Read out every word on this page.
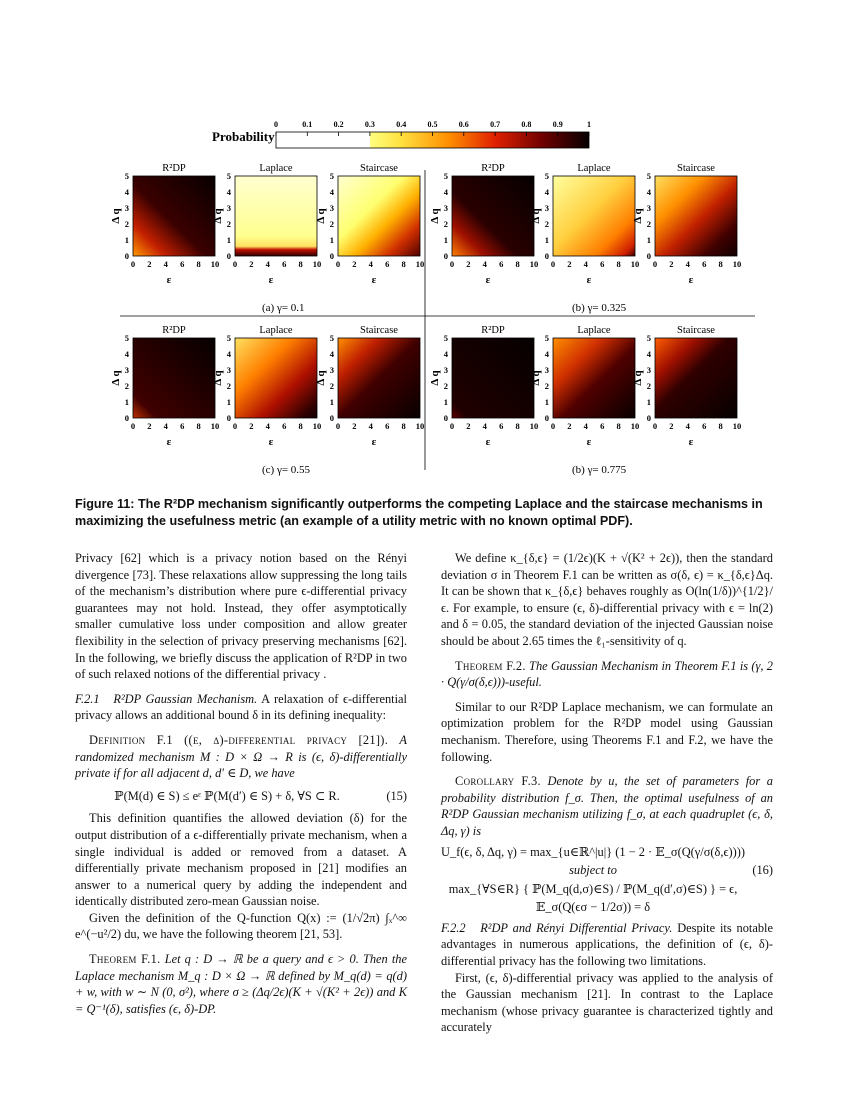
Probability
0	0.1	0.2	0.3	0.4	0.5	0.6	0.7	0.8	0.9	1
R²DP
0 2 4 6 8 10
0
1
2
3
4
5
ε
Δ q
Laplace
0 2 4 6 8 10
0
1
2
3
4
5
ε
Δ q
Staircase
0 2 4 6 8 10
0
1
2
3
4
5
ε
Δ q
R²DP
0 2 4 6 8 10
0
1
2
3
4
5
ε
Δ q
Laplace
0 2 4 6 8 10
0
1
2
3
4
5
ε
Δ q
Staircase
0 2 4 6 8 10
0
1
2
3
4
5
ε
Δ q
R²DP
0 2 4 6 8 10
0
1
2
3
4
5
ε
Δ q
Laplace
0 2 4 6 8 10
0
1
2
3
4
5
ε
Δ q
Staircase
0 2 4 6 8 10
0
1
2
3
4
5
ε
Δ q
R²DP
0 2 4 6 8 10
0
1
2
3
4
5
ε
Δ q
Laplace
0 2 4 6 8 10
0
1
2
3
4
5
ε
Δ q
Staircase
0 2 4 6 8 10
0
1
2
3
4
5
ε
Δ q
(a) γ= 0.1	(b) γ= 0.325
(c) γ= 0.55	(b) γ= 0.775
Figure 11: The R²DP mechanism significantly outperforms the competing Laplace and the staircase mechanisms in maximizing the usefulness metric (an example of a utility metric with no known optimal PDF).

Privacy [62] which is a privacy notion based on the Rényi divergence [73]. These relaxations allow suppressing the long tails of the mechanism’s distribution where pure ϵ-differential privacy guarantees may not hold. Instead, they offer asymptotically smaller cumulative loss under composition and allow greater flexibility in the selection of privacy preserving mechanisms [62]. In the following, we briefly discuss the application of R²DP in two of such relaxed notions of the differential privacy .

F.2.1 R²DP Gaussian Mechanism. A relaxation of ϵ-differential privacy allows an additional bound δ in its defining inequality:

Definition F.1 ((ϵ, δ)-differential privacy [21]). A randomized mechanism M : D × Ω → R is (ϵ, δ)-differentially private if for all adjacent d, d′ ∈ D, we have

ℙ(M(d) ∈ S) ≤ eᵋ ℙ(M(d′) ∈ S) + δ, ∀S ⊂ R.	(15)

This definition quantifies the allowed deviation (δ) for the output distribution of a ϵ-differentially private mechanism, when a single individual is added or removed from a dataset. A differentially private mechanism proposed in [21] modifies an answer to a numerical query by adding the independent and identically distributed zero-mean Gaussian noise.

Given the definition of the Q-function Q(x) := (1/√2π) ∫ₓ^∞ e^(−u²/2) du, we have the following theorem [21, 53].

Theorem F.1. Let q : D → ℝ be a query and ϵ > 0. Then the Laplace mechanism M_q : D × Ω → ℝ defined by M_q(d) = q(d) + w, with w ∼ N (0, σ²), where σ ≥ (Δq/2ϵ)(K + √(K² + 2ϵ)) and K = Q⁻¹(δ), satisfies (ϵ, δ)-DP.

We define κ_{δ,ϵ} = (1/2ϵ)(K + √(K² + 2ϵ)), then the standard deviation σ in Theorem F.1 can be written as σ(δ, ϵ) = κ_{δ,ϵ}Δq. It can be shown that κ_{δ,ϵ} behaves roughly as O(ln(1/δ))^{1/2}/ϵ. For example, to ensure (ϵ, δ)-differential privacy with ϵ = ln(2) and δ = 0.05, the standard deviation of the injected Gaussian noise should be about 2.65 times the ℓ₁-sensitivity of q.

Theorem F.2. The Gaussian Mechanism in Theorem F.1 is (γ, 2 · Q(γ/σ(δ,ϵ)))-useful.

Similar to our R²DP Laplace mechanism, we can formulate an optimization problem for the R²DP model using Gaussian mechanism. Therefore, using Theorems F.1 and F.2, we have the following.

Corollary F.3. Denote by u, the set of parameters for a probability distribution f_σ. Then, the optimal usefulness of an R²DP Gaussian mechanism utilizing f_σ, at each quadruplet (ϵ, δ, Δq, γ) is

U_f(ϵ, δ, Δq, γ) = max_{u∈ℝ^|u|} (1 − 2 · 𝔼_σ(Q(γ/σ(δ,ϵ))))
subject to	(16)
max_{∀S∈R} { ℙ(M_q(d,σ)∈S) / ℙ(M_q(d′,σ)∈S) } = ϵ,
𝔼_σ(Q(ϵσ − 1/2σ)) = δ

F.2.2 R²DP and Rényi Differential Privacy. Despite its notable advantages in numerous applications, the definition of (ϵ, δ)-differential privacy has the following two limitations.

First, (ϵ, δ)-differential privacy was applied to the analysis of the Gaussian mechanism [21]. In contrast to the Laplace mechanism (whose privacy guarantee is characterized tightly and accurately
